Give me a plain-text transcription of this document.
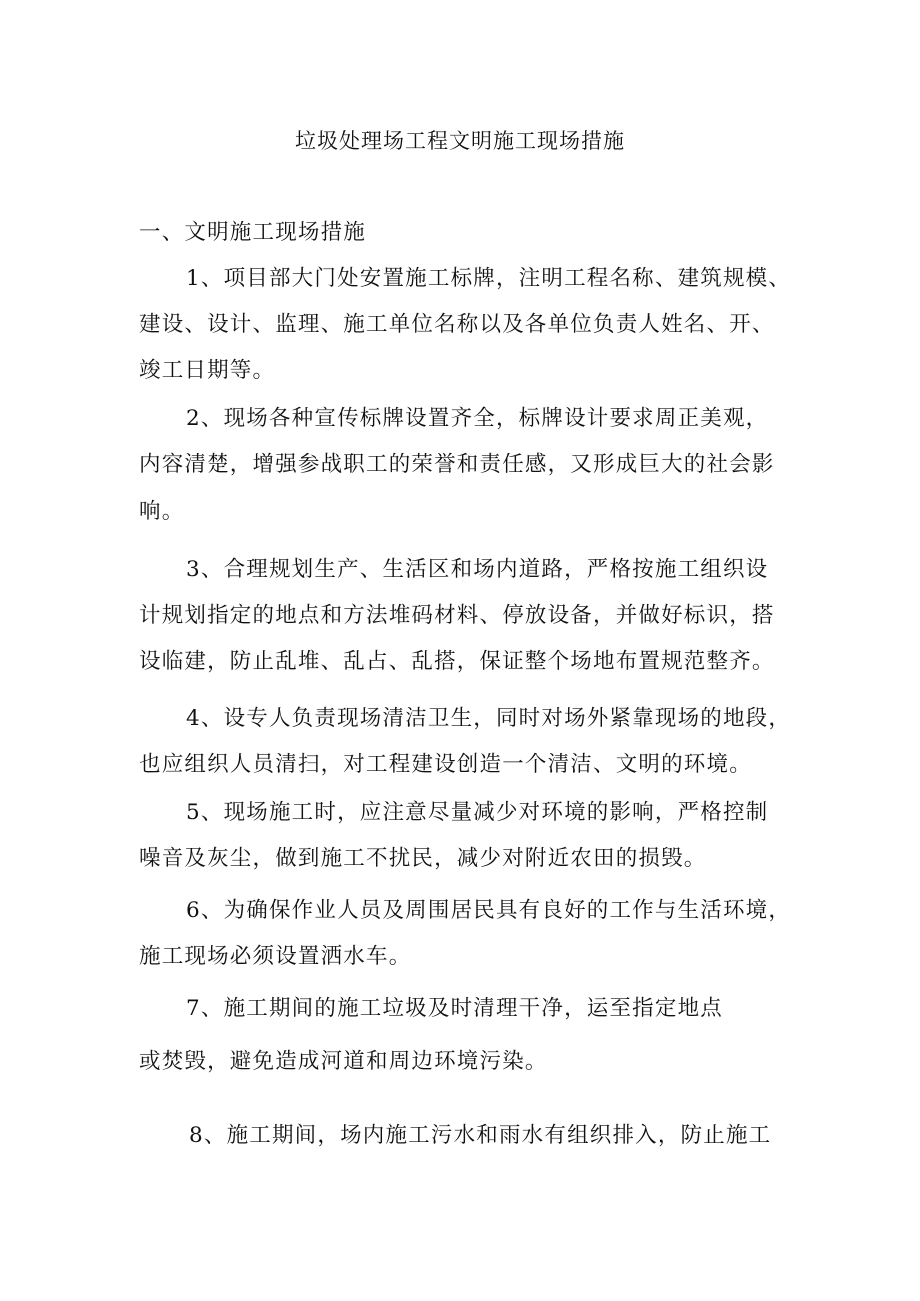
垃圾处理场工程文明施工现场措施
一、文明施工现场措施
1、项目部大门处安置施工标牌，注明工程名称、建筑规模、
建设、设计、监理、施工单位名称以及各单位负责人姓名、开、
竣工日期等。
2、现场各种宣传标牌设置齐全，标牌设计要求周正美观，
内容清楚，增强参战职工的荣誉和责任感，又形成巨大的社会影
响。
3、合理规划生产、生活区和场内道路，严格按施工组织设
计规划指定的地点和方法堆码材料、停放设备，并做好标识，搭
设临建，防止乱堆、乱占、乱搭，保证整个场地布置规范整齐。
4、设专人负责现场清洁卫生，同时对场外紧靠现场的地段，
也应组织人员清扫，对工程建设创造一个清洁、文明的环境。
5、现场施工时，应注意尽量减少对环境的影响，严格控制
噪音及灰尘，做到施工不扰民，减少对附近农田的损毁。
6、为确保作业人员及周围居民具有良好的工作与生活环境，
施工现场必须设置洒水车。
7、施工期间的施工垃圾及时清理干净，运至指定地点
或焚毁，避免造成河道和周边环境污染。
8、施工期间，场内施工污水和雨水有组织排入，防止施工
